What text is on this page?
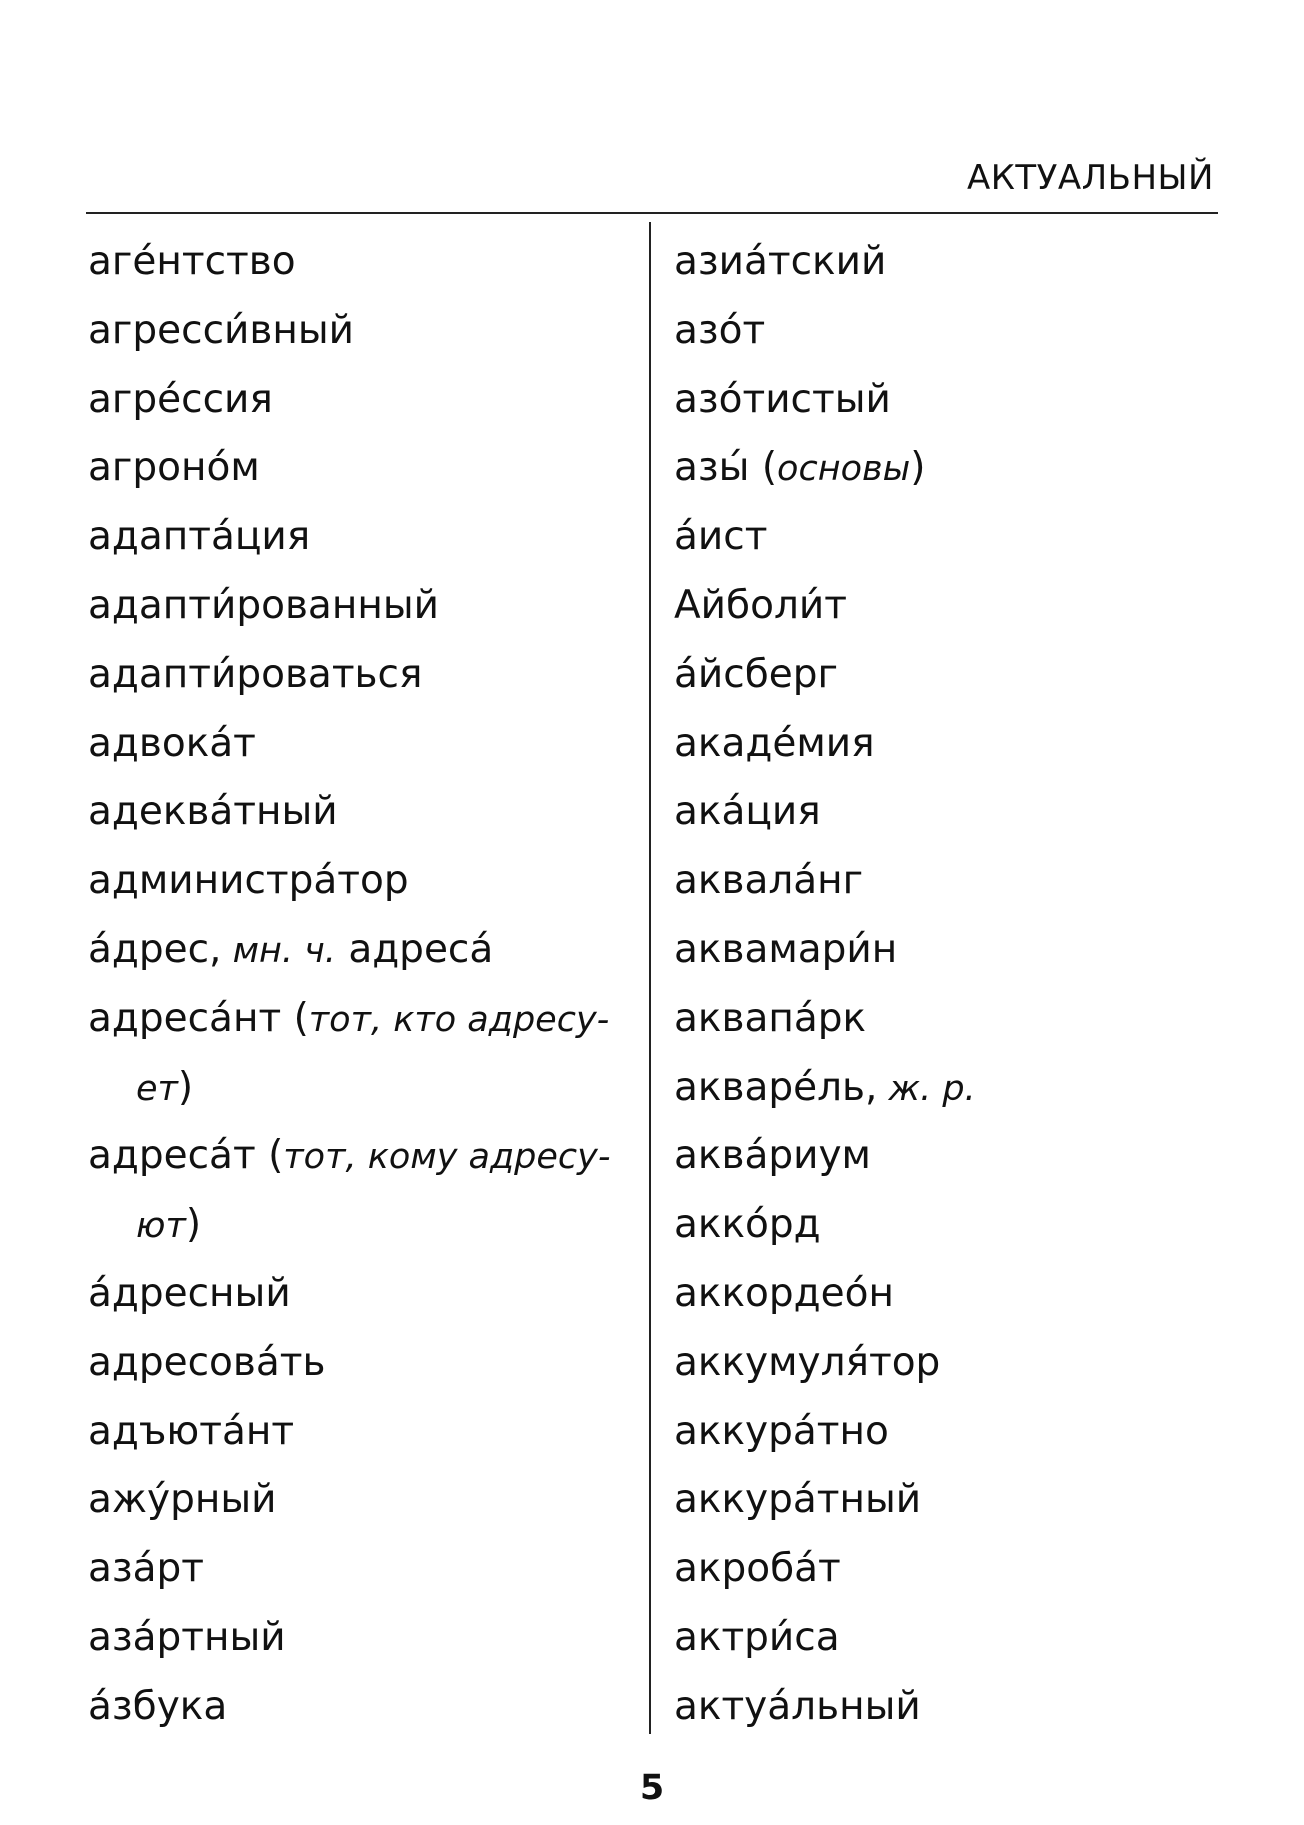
АКТУАЛЬНЫЙ
аге́нтство
агресси́вный
агре́ссия
агроно́м
адапта́ция
адапти́рованный
адапти́роваться
адвока́т
адеква́тный
администра́тор
а́дрес, мн. ч. адреса́
адреса́нт (тот, кто адресу-
ет)
адреса́т (тот, кому адресу-
ют)
а́дресный
адресова́ть
адъюта́нт
ажу́рный
аза́рт
аза́ртный
а́збука
азиа́тский
азо́т
азо́тистый
азы́ (основы)
а́ист
Айболи́т
а́йсберг
акаде́мия
ака́ция
аквала́нг
аквамари́н
аквапа́рк
акваре́ль, ж. р.
аква́риум
акко́рд
аккордео́н
аккумуля́тор
аккура́тно
аккура́тный
акроба́т
актри́са
актуа́льный
5
